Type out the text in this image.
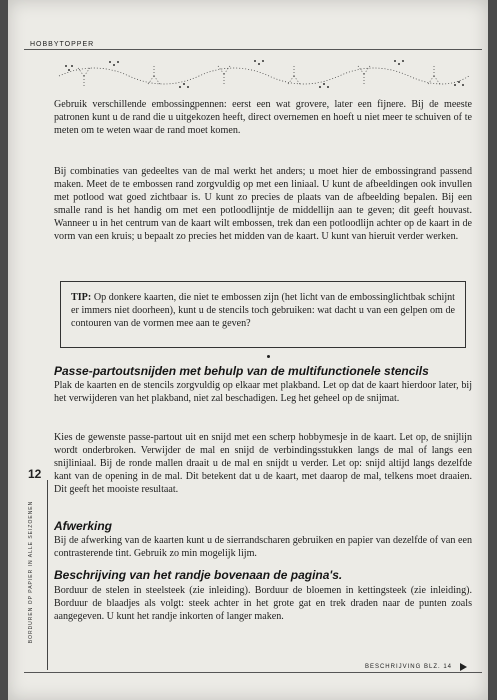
HOBBYTOPPER

Gebruik verschillende embossingpennen: eerst een wat grovere, later een fijnere. Bij de meeste patronen kunt u de rand die u uitgekozen heeft, direct overnemen en hoeft u niet meer te schuiven of te meten om te weten waar de rand moet komen.

Bij combinaties van gedeeltes van de mal werkt het anders; u moet hier de embossingrand passend maken. Meet de te embossen rand zorgvuldig op met een liniaal. U kunt de afbeeldingen ook invullen met potlood wat goed zichtbaar is. U kunt zo precies de plaats van de afbeelding bepalen. Bij een smalle rand is het handig om met een potloodlijntje de middellijn aan te geven; dit geeft houvast. Wanneer u in het centrum van de kaart wilt embossen, trek dan een potloodlijn achter op de kaart in de vorm van een kruis; u bepaalt zo precies het midden van de kaart. U kunt van hieruit verder werken.

TIP: Op donkere kaarten, die niet te embossen zijn (het licht van de embossinglichtbak schijnt er immers niet doorheen), kunt u de stencils toch gebruiken: wat dacht u van een gelpen om de contouren van de vormen mee aan te geven?

Passe-partoutsnijden met behulp van de multifunctionele stencils

Plak de kaarten en de stencils zorgvuldig op elkaar met plakband. Let op dat de kaart hierdoor later, bij het verwijderen van het plakband, niet zal beschadigen. Leg het geheel op de snijmat.

Kies de gewenste passe-partout uit en snijd met een scherp hobbymesje in de kaart. Let op, de snijlijn wordt onderbroken. Verwijder de mal en snijd de verbindingsstukken langs de mal of langs een snijliniaal. Bij de ronde mallen draait u de mal en snijdt u verder. Let op: snijd altijd langs dezelfde kant van de opening in de mal. Dit betekent dat u de kaart, met daarop de mal, telkens moet draaien. Dit geeft het mooiste resultaat.

Afwerking

Bij de afwerking van de kaarten kunt u de sierrandscharen gebruiken en papier van dezelfde of van een contrasterende tint. Gebruik zo min mogelijk lijm.

Beschrijving van het randje bovenaan de pagina's.

Borduur de stelen in steelsteek (zie inleiding). Borduur de bloemen in kettingsteek (zie inleiding). Borduur de blaadjes als volgt: steek achter in het grote gat en trek draden naar de punten zoals aangegeven. U kunt het randje inkorten of langer maken.

12
BORDUREN OP PAPIER IN ALLE SEIZOENEN
BESCHRIJVING BLZ. 14
